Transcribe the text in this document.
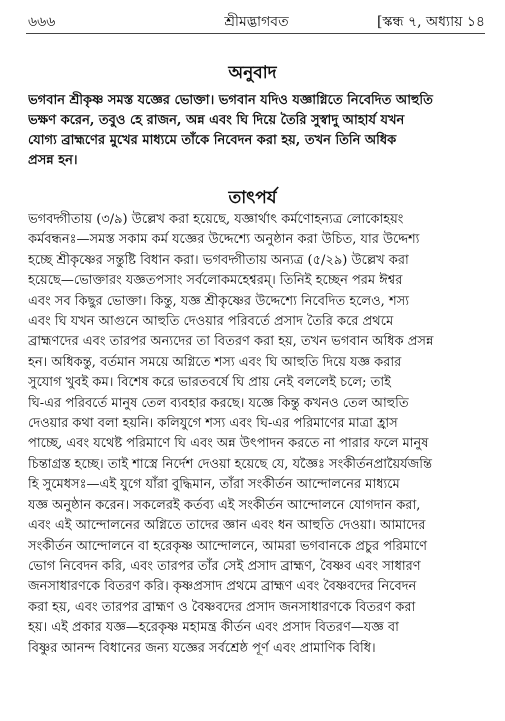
৬৬৬	শ্রীমদ্ভাগবত	[স্কন্ধ ৭, অধ্যায় ১৪
অনুবাদ
ভগবান শ্রীকৃষ্ণ সমস্ত যজ্ঞের ভোক্তা। ভগবান যদিও যজ্ঞাগ্নিতে নিবেদিত আহুতি
ভক্ষণ করেন, তবুও হে রাজন, অন্ন এবং ঘি দিয়ে তৈরি সুস্বাদু আহার্য যখন
যোগ্য ব্রাহ্মণের মুখের মাধ্যমে তাঁকে নিবেদন করা হয়, তখন তিনি অধিক
প্রসন্ন হন।
তাৎপর্য
ভগবদ্গীতায় (৩/৯) উল্লেখ করা হয়েছে, যজ্ঞার্থাৎ কর্মণোহন্যত্র লোকোহয়ং
কর্মবন্ধনঃ—সমস্ত সকাম কর্ম যজ্ঞের উদ্দেশ্যে অনুষ্ঠান করা উচিত, যার উদ্দেশ্য
হচ্ছে শ্রীকৃষ্ণের সন্তুষ্টি বিধান করা। ভগবদ্গীতায় অন্যত্র (৫/২৯) উল্লেখ করা
হয়েছে—ভোক্তারং যজ্ঞতপসাং সর্বলোকমহেশ্বরম্‌। তিনিই হচ্ছেন পরম ঈশ্বর
এবং সব কিছুর ভোক্তা। কিন্তু, যজ্ঞ শ্রীকৃষ্ণের উদ্দেশ্যে নিবেদিত হলেও, শস্য
এবং ঘি যখন আগুনে আহুতি দেওয়ার পরিবর্তে প্রসাদ তৈরি করে প্রথমে
ব্রাহ্মণদের এবং তারপর অন্যদের তা বিতরণ করা হয়, তখন ভগবান অধিক প্রসন্ন
হন। অধিকন্তু, বর্তমান সময়ে অগ্নিতে শস্য এবং ঘি আহুতি দিয়ে যজ্ঞ করার
সুযোগ খুবই কম। বিশেষ করে ভারতবর্ষে ঘি প্রায় নেই বললেই চলে; তাই
ঘি-এর পরিবর্তে মানুষ তেল ব্যবহার করছে। যজ্ঞে কিন্তু কখনও তেল আহুতি
দেওয়ার কথা বলা হয়নি। কলিযুগে শস্য এবং ঘি-এর পরিমাণের মাত্রা হ্রাস
পাচ্ছে, এবং যথেষ্ট পরিমাণে ঘি এবং অন্ন উৎপাদন করতে না পারার ফলে মানুষ
চিন্তাগ্রস্ত হচ্ছে। তাই শাস্ত্রে নির্দেশ দেওয়া হয়েছে যে, যজ্ঞৈঃ সংকীর্তনপ্রায়ৈর্যজন্তি
হি সুমেধসঃ—এই যুগে যাঁরা বুদ্ধিমান, তাঁরা সংকীর্তন আন্দোলনের মাধ্যমে
যজ্ঞ অনুষ্ঠান করেন। সকলেরই কর্তব্য এই সংকীর্তন আন্দোলনে যোগদান করা,
এবং এই আন্দোলনের অগ্নিতে তাদের জ্ঞান এবং ধন আহুতি দেওয়া। আমাদের
সংকীর্তন আন্দোলনে বা হরেকৃষ্ণ আন্দোলনে, আমরা ভগবানকে প্রচুর পরিমাণে
ভোগ নিবেদন করি, এবং তারপর তাঁর সেই প্রসাদ ব্রাহ্মণ, বৈষ্ণব এবং সাধারণ
জনসাধারণকে বিতরণ করি। কৃষ্ণপ্রসাদ প্রথমে ব্রাহ্মণ এবং বৈষ্ণবদের নিবেদন
করা হয়, এবং তারপর ব্রাহ্মণ ও বৈষ্ণবদের প্রসাদ জনসাধারণকে বিতরণ করা
হয়। এই প্রকার যজ্ঞ—হরেকৃষ্ণ মহামন্ত্র কীর্তন এবং প্রসাদ বিতরণ—যজ্ঞ বা
বিষ্ণুর আনন্দ বিধানের জন্য যজ্ঞের সর্বশ্রেষ্ঠ পূর্ণ এবং প্রামাণিক বিধি।
